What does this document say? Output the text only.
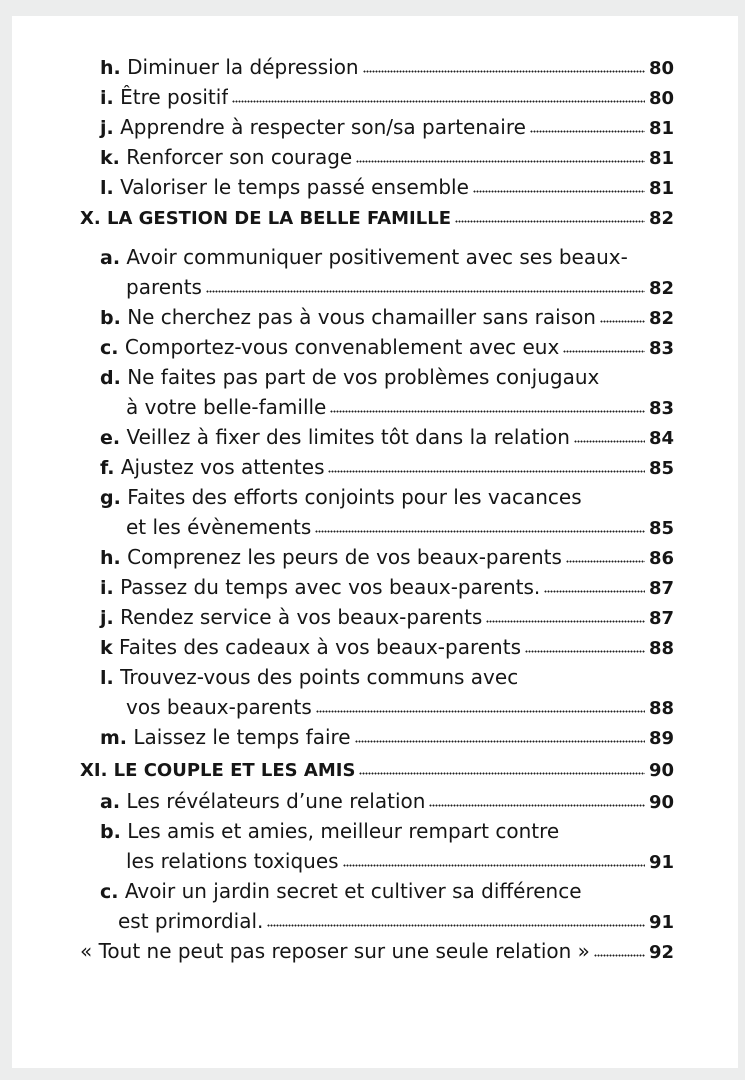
h.
Diminuer la dépression	80
i.
Être positif	80
j.
Apprendre à respecter son/sa partenaire	81
k.
Renforcer son courage	81
l.
Valoriser le temps passé ensemble	81
X. LA GESTION DE LA BELLE FAMILLE	82
a.
Avoir communiquer positivement avec ses beaux-
parents	82
b.
Ne cherchez pas à vous chamailler sans raison	82
c.
Comportez-vous convenablement avec eux	83
d.
Ne faites pas part de vos problèmes conjugaux
à votre belle-famille	83
e.
Veillez à fixer des limites tôt dans la relation	84
f.
Ajustez vos attentes	85
g.
Faites des efforts conjoints pour les vacances
et les évènements	85
h.
Comprenez les peurs de vos beaux-parents	86
i.
Passez du temps avec vos beaux-parents.	87
j.
Rendez service à vos beaux-parents	87
k
Faites des cadeaux à vos beaux-parents	88
l.
Trouvez-vous des points communs avec
vos beaux-parents	88
m.
Laissez le temps faire	89
XI. LE COUPLE ET LES AMIS	90
a.
Les révélateurs d’une relation	90
b.
Les amis et amies, meilleur rempart contre
les relations toxiques	91
c.
Avoir un jardin secret et cultiver sa différence
est primordial.	91
« Tout ne peut pas reposer sur une seule relation »	92
